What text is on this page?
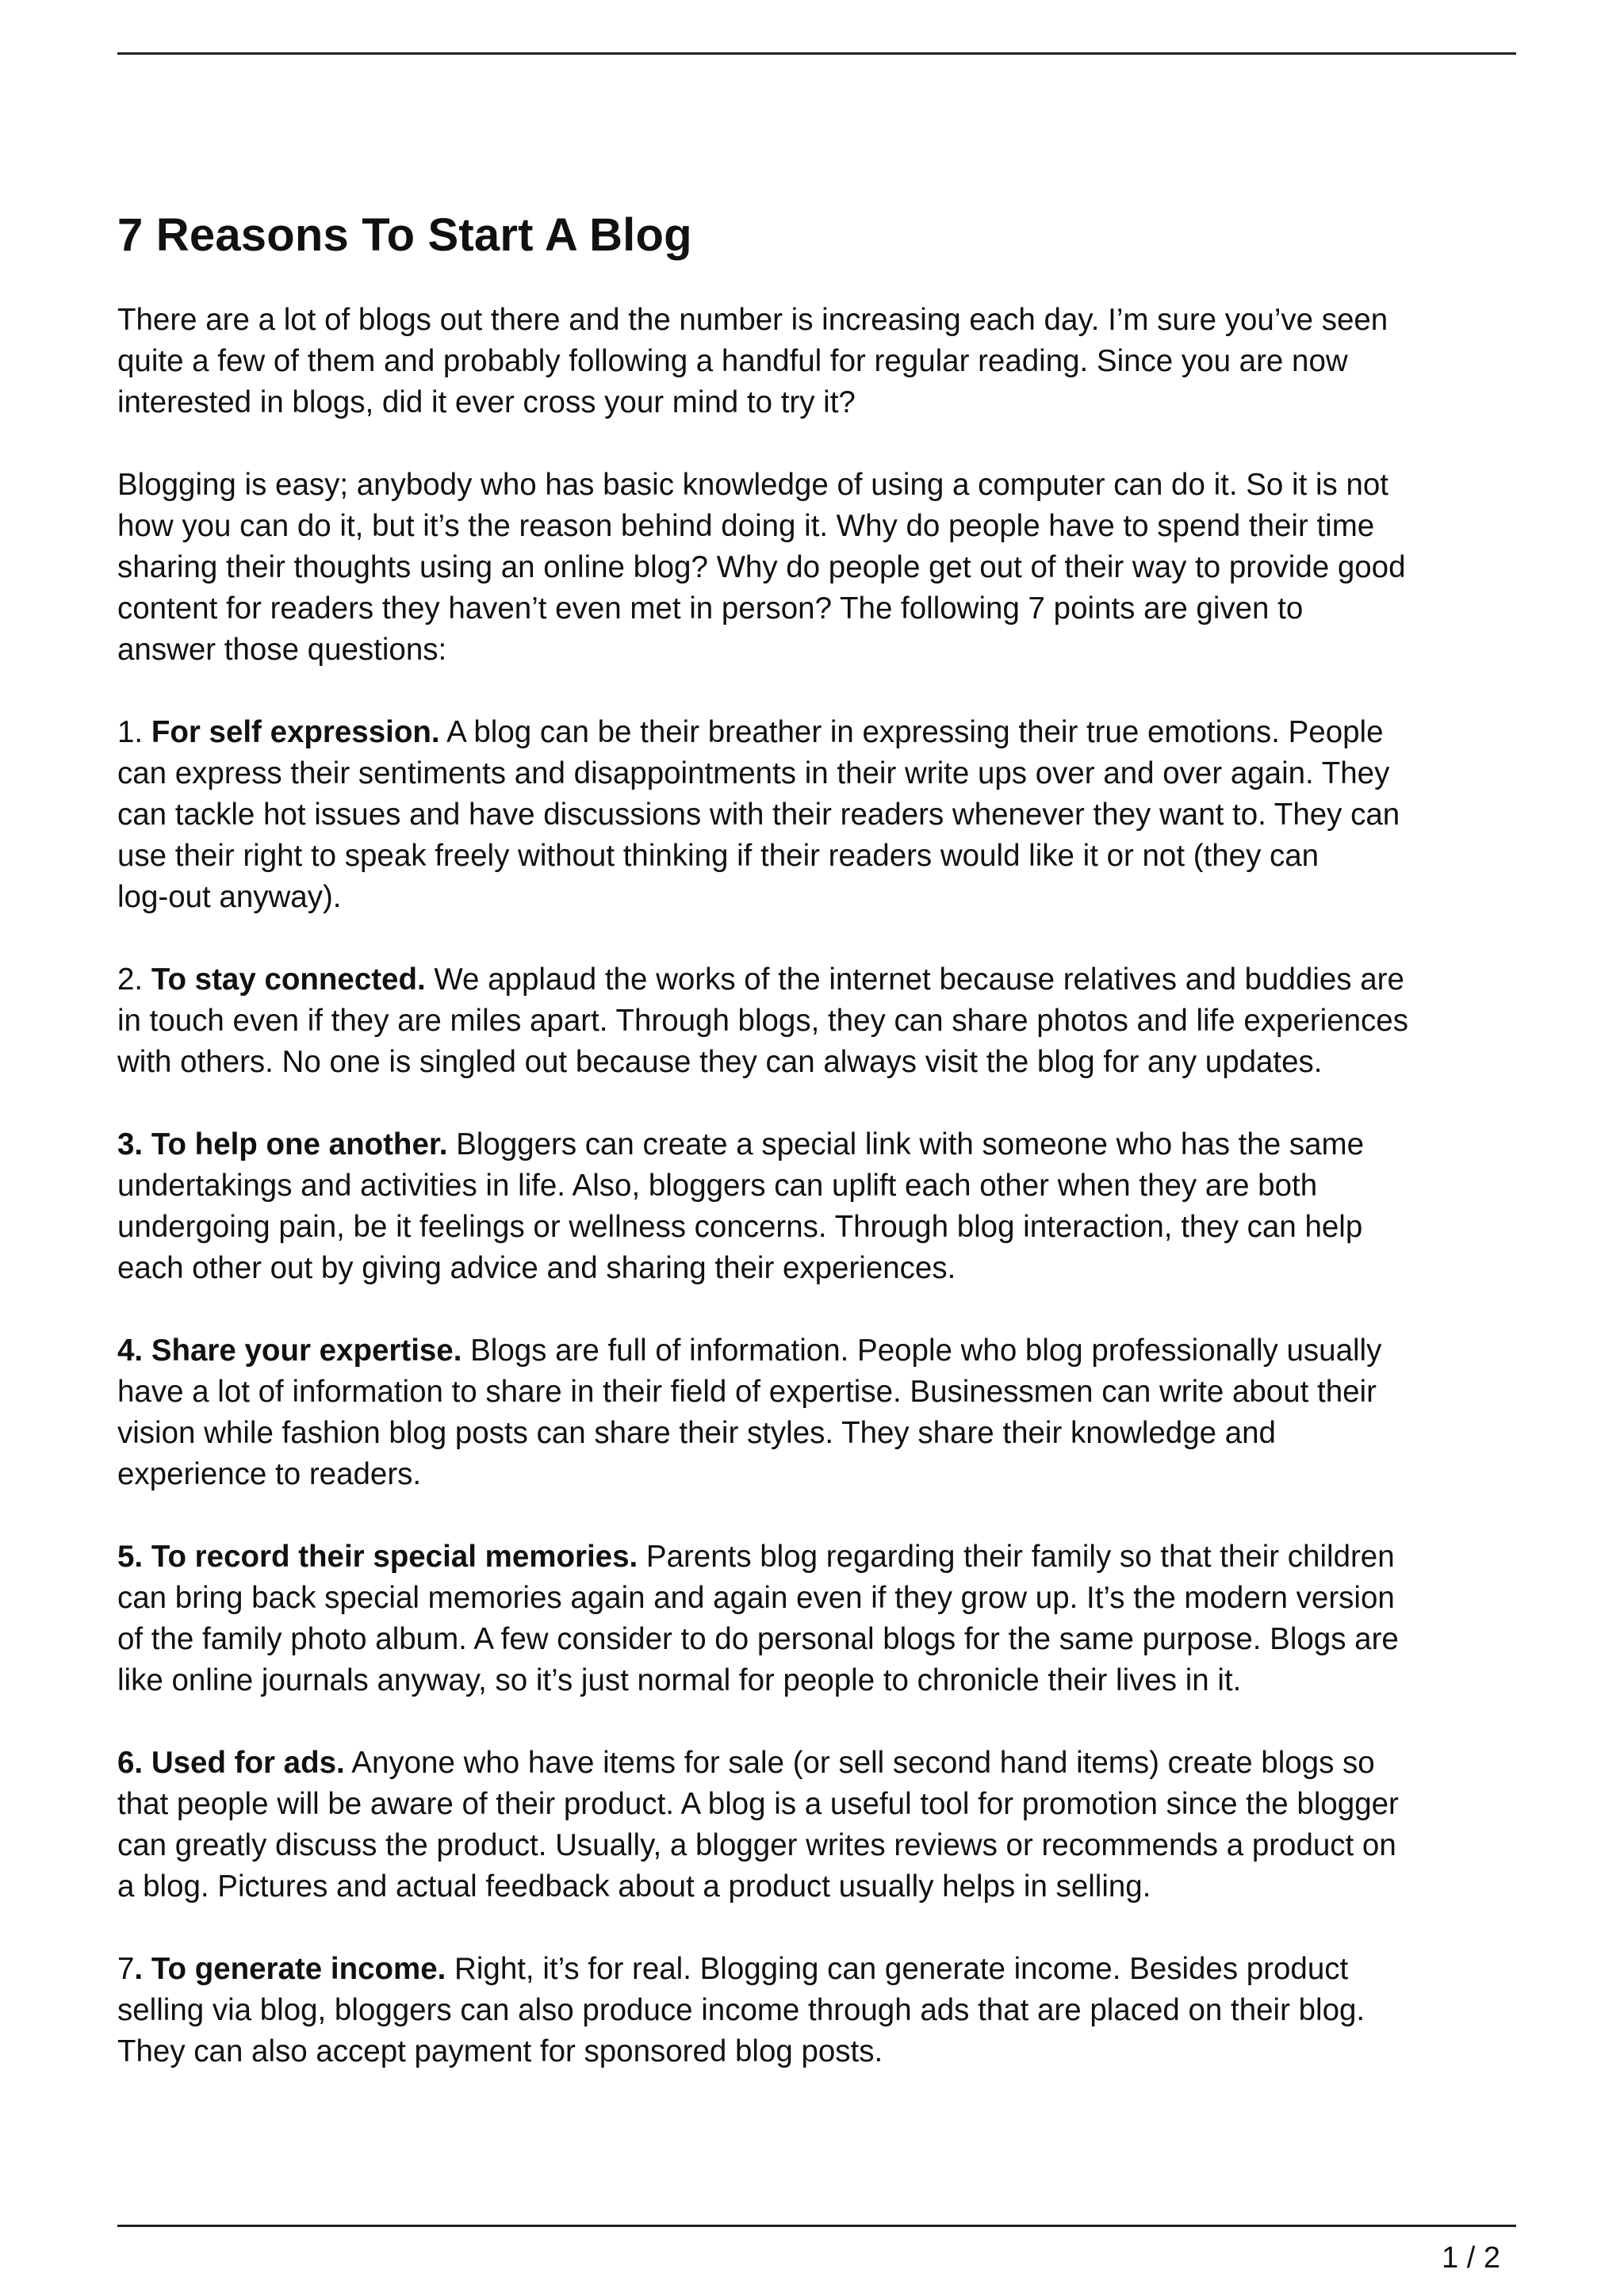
7 Reasons To Start A Blog

There are a lot of blogs out there and the number is increasing each day. I’m sure you’ve seen
quite a few of them and probably following a handful for regular reading. Since you are now
interested in blogs, did it ever cross your mind to try it?

Blogging is easy; anybody who has basic knowledge of using a computer can do it. So it is not
how you can do it, but it’s the reason behind doing it. Why do people have to spend their time
sharing their thoughts using an online blog? Why do people get out of their way to provide good
content for readers they haven’t even met in person? The following 7 points are given to
answer those questions:

1. For self expression. A blog can be their breather in expressing their true emotions. People
can express their sentiments and disappointments in their write ups over and over again. They
can tackle hot issues and have discussions with their readers whenever they want to. They can
use their right to speak freely without thinking if their readers would like it or not (they can
log-out anyway).

2. To stay connected. We applaud the works of the internet because relatives and buddies are
in touch even if they are miles apart. Through blogs, they can share photos and life experiences
with others. No one is singled out because they can always visit the blog for any updates.

3. To help one another. Bloggers can create a special link with someone who has the same
undertakings and activities in life. Also, bloggers can uplift each other when they are both
undergoing pain, be it feelings or wellness concerns. Through blog interaction, they can help
each other out by giving advice and sharing their experiences.

4. Share your expertise. Blogs are full of information. People who blog professionally usually
have a lot of information to share in their field of expertise. Businessmen can write about their
vision while fashion blog posts can share their styles. They share their knowledge and
experience to readers.

5. To record their special memories. Parents blog regarding their family so that their children
can bring back special memories again and again even if they grow up. It’s the modern version
of the family photo album. A few consider to do personal blogs for the same purpose. Blogs are
like online journals anyway, so it’s just normal for people to chronicle their lives in it.

6. Used for ads. Anyone who have items for sale (or sell second hand items) create blogs so
that people will be aware of their product. A blog is a useful tool for promotion since the blogger
can greatly discuss the product. Usually, a blogger writes reviews or recommends a product on
a blog. Pictures and actual feedback about a product usually helps in selling.

7. To generate income. Right, it’s for real. Blogging can generate income. Besides product
selling via blog, bloggers can also produce income through ads that are placed on their blog.
They can also accept payment for sponsored blog posts.

1 / 2
